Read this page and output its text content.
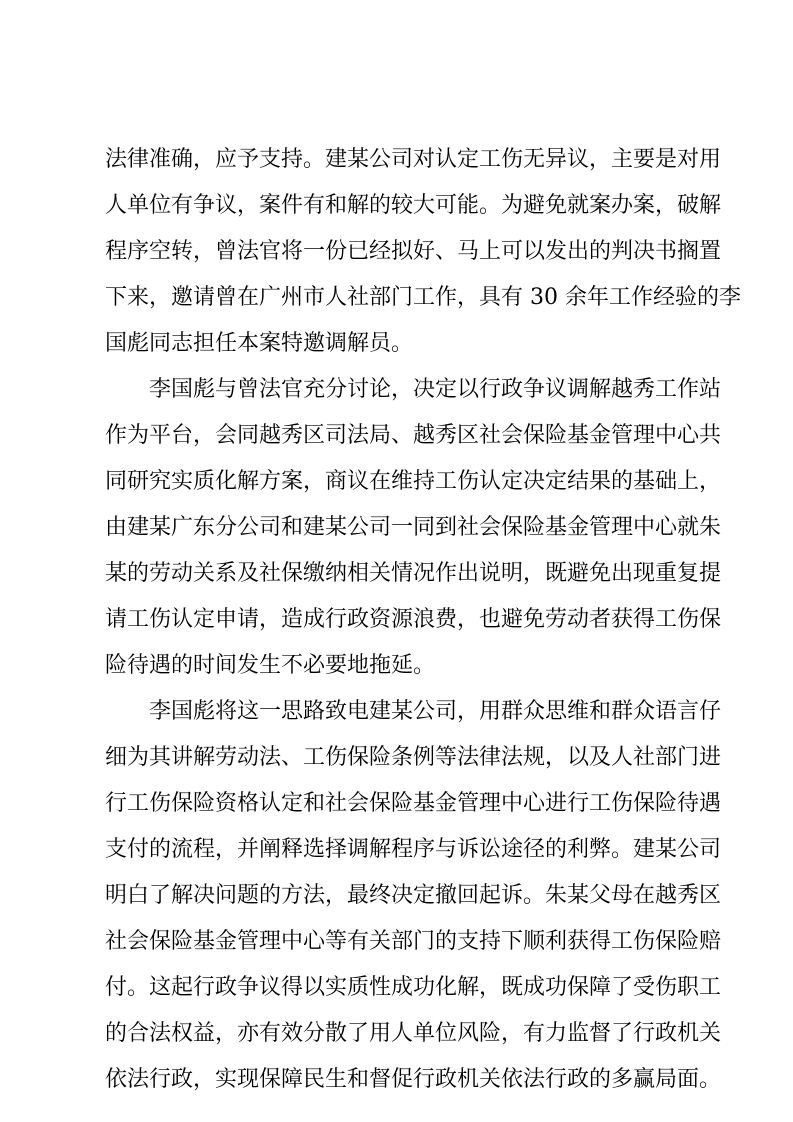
法律准确，应予支持。建某公司对认定工伤无异议，主要是对用
人单位有争议，案件有和解的较大可能。为避免就案办案，破解
程序空转，曾法官将一份已经拟好、马上可以发出的判决书搁置
下来，邀请曾在广州市人社部门工作，具有 30 余年工作经验的李
国彪同志担任本案特邀调解员。
李国彪与曾法官充分讨论，决定以行政争议调解越秀工作站
作为平台，会同越秀区司法局、越秀区社会保险基金管理中心共
同研究实质化解方案，商议在维持工伤认定决定结果的基础上，
由建某广东分公司和建某公司一同到社会保险基金管理中心就朱
某的劳动关系及社保缴纳相关情况作出说明，既避免出现重复提
请工伤认定申请，造成行政资源浪费，也避免劳动者获得工伤保
险待遇的时间发生不必要地拖延。
李国彪将这一思路致电建某公司，用群众思维和群众语言仔
细为其讲解劳动法、工伤保险条例等法律法规，以及人社部门进
行工伤保险资格认定和社会保险基金管理中心进行工伤保险待遇
支付的流程，并阐释选择调解程序与诉讼途径的利弊。建某公司
明白了解决问题的方法，最终决定撤回起诉。朱某父母在越秀区
社会保险基金管理中心等有关部门的支持下顺利获得工伤保险赔
付。这起行政争议得以实质性成功化解，既成功保障了受伤职工
的合法权益，亦有效分散了用人单位风险，有力监督了行政机关
依法行政，实现保障民生和督促行政机关依法行政的多赢局面。
